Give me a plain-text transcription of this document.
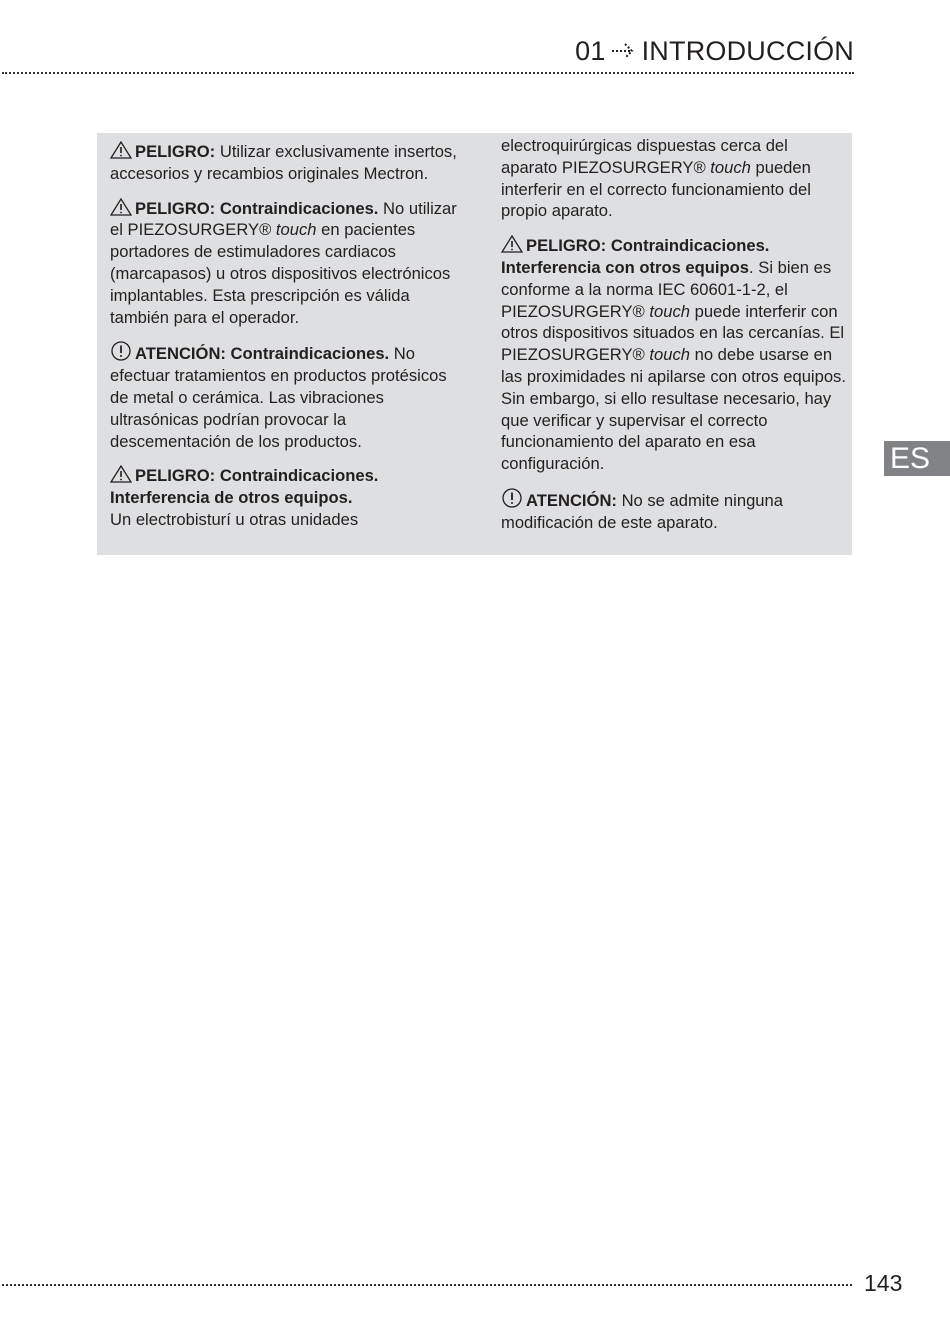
01 INTRODUCCIÓN

PELIGRO: Utilizar exclusivamente insertos, accesorios y recambios originales Mectron.

PELIGRO: Contraindicaciones. No utilizar el PIEZOSURGERY® touch en pacientes portadores de estimuladores cardiacos (marcapasos) u otros dispositivos electrónicos implantables. Esta prescripción es válida también para el operador.

ATENCIÓN: Contraindicaciones. No efectuar tratamientos en productos protésicos de metal o cerámica. Las vibraciones ultrasónicas podrían provocar la descementación de los productos.

PELIGRO: Contraindicaciones.
Interferencia de otros equipos.
Un electrobisturí u otras unidades

electroquirúrgicas dispuestas cerca del aparato PIEZOSURGERY® touch pueden interferir en el correcto funcionamiento del propio aparato.

PELIGRO: Contraindicaciones.
Interferencia con otros equipos. Si bien es conforme a la norma IEC 60601-1-2, el PIEZOSURGERY® touch puede interferir con otros dispositivos situados en las cercanías. El PIEZOSURGERY® touch no debe usarse en las proximidades ni apilarse con otros equipos.
Sin embargo, si ello resultase necesario, hay que verificar y supervisar el correcto funcionamiento del aparato en esa configuración.

ATENCIÓN: No se admite ninguna modificación de este aparato.

ES
143
